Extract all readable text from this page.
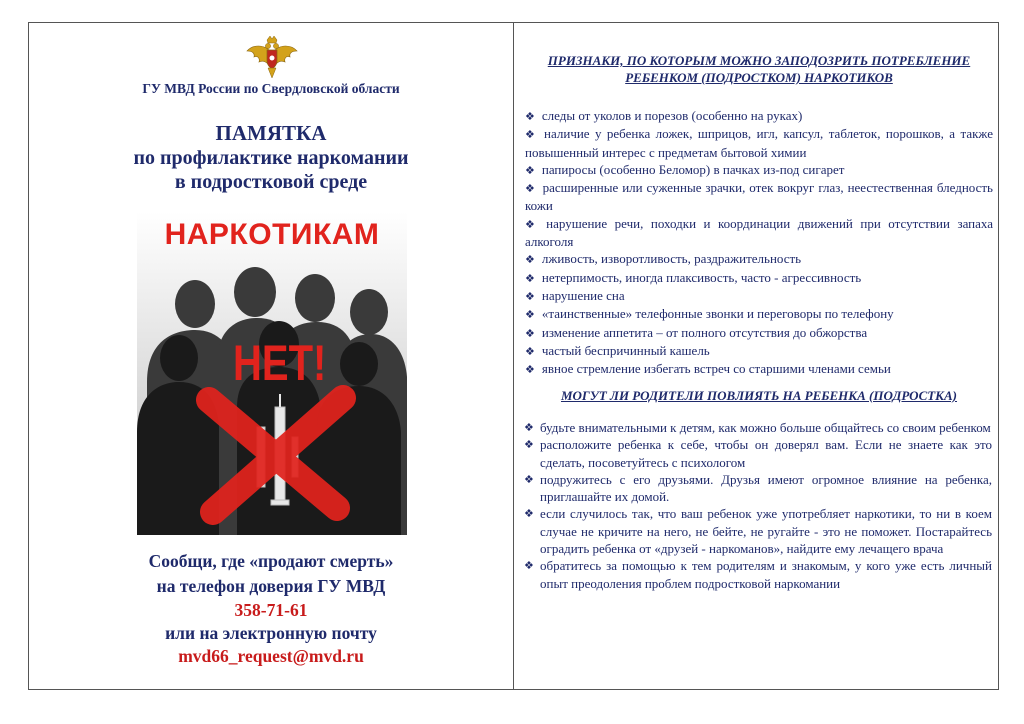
ГУ МВД России по Свердловской области
ПАМЯТКА
по профилактике наркомании
в подростковой среде
НАРКОТИКАМ
НЕТ!
Сообщи, где «продают смерть»
на телефон доверия ГУ МВД
358-71-61
или на электронную почту
mvd66_request@mvd.ru
ПРИЗНАКИ, ПО КОТОРЫМ МОЖНО ЗАПОДОЗРИТЬ ПОТРЕБЛЕНИЕ РЕБЕНКОМ (ПОДРОСТКОМ) НАРКОТИКОВ
❖ следы от уколов и порезов (особенно на руках)
❖ наличие у ребенка ложек, шприцов, игл, капсул, таблеток, порошков, а также повышенный интерес с предметам бытовой химии
❖ папиросы (особенно Беломор) в пачках из-под сигарет
❖ расширенные или суженные зрачки, отек вокруг глаз, неестественная бледность кожи
❖ нарушение речи, походки и координации движений при отсутствии запаха алкоголя
❖ лживость, изворотливость, раздражительность
❖ нетерпимость, иногда плаксивость, часто - агрессивность
❖ нарушение сна
❖ «таинственные» телефонные звонки и переговоры по телефону
❖ изменение аппетита – от полного отсутствия до обжорства
❖ частый беспричинный кашель
❖ явное стремление избегать встреч со старшими членами семьи
МОГУТ ЛИ РОДИТЕЛИ ПОВЛИЯТЬ НА РЕБЕНКА (ПОДРОСТКА)
❖ будьте внимательными к детям, как можно больше общайтесь со своим ребенком
❖ расположите ребенка к себе, чтобы он доверял вам. Если не знаете как это сделать, посоветуйтесь с психологом
❖ подружитесь с его друзьями. Друзья имеют огромное влияние на ребенка, приглашайте их домой.
❖ если случилось так, что ваш ребенок уже употребляет наркотики, то ни в коем случае не кричите на него, не бейте, не ругайте - это не поможет. Постарайтесь оградить ребенка от «друзей - наркоманов», найдите ему лечащего врача
❖ обратитесь за помощью к тем родителям и знакомым, у кого уже есть личный опыт преодоления проблем подростковой наркомании
